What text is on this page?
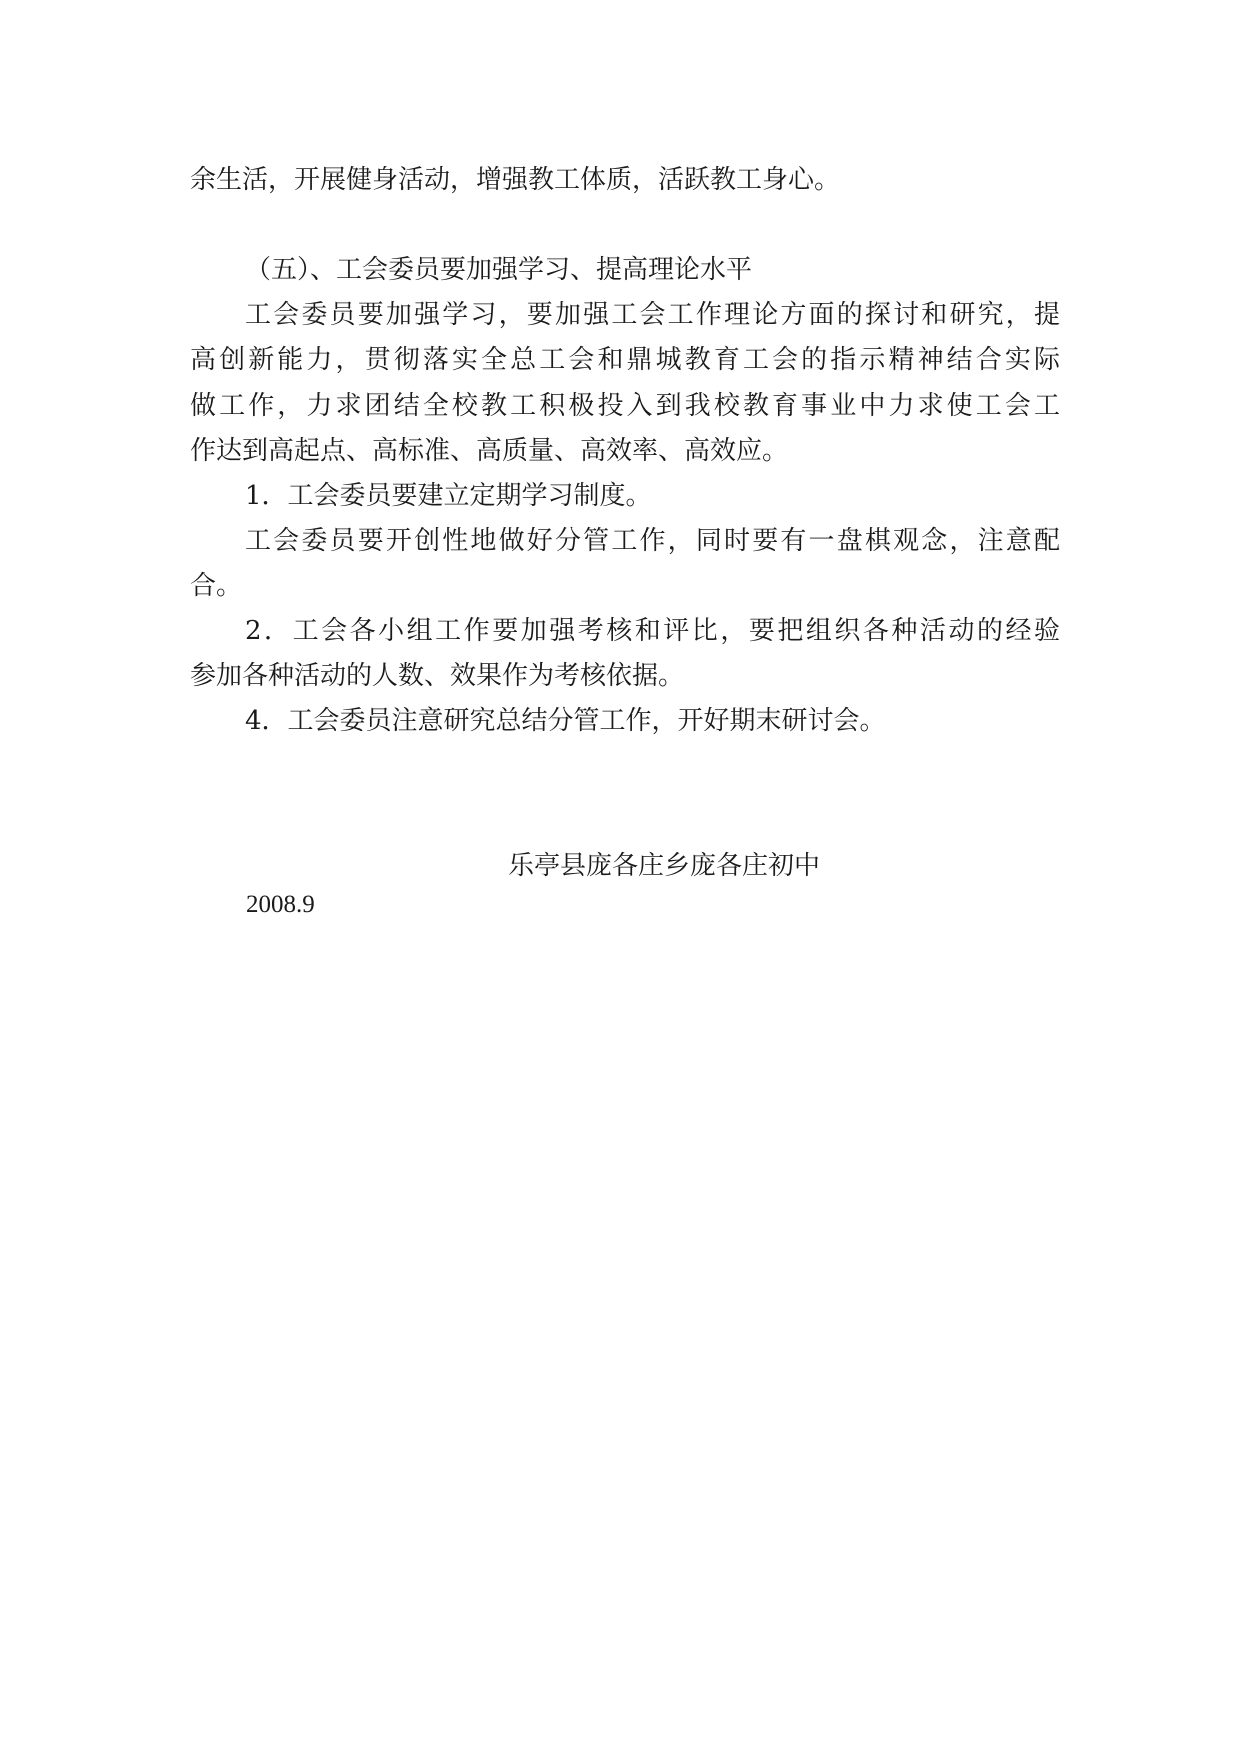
余生活，开展健身活动，增强教工体质，活跃教工身心。
（五）、工会委员要加强学习、提高理论水平
工会委员要加强学习，要加强工会工作理论方面的探讨和研究，提
高创新能力，贯彻落实全总工会和鼎城教育工会的指示精神结合实际
做工作，力求团结全校教工积极投入到我校教育事业中力求使工会工
作达到高起点、高标准、高质量、高效率、高效应。
1．工会委员要建立定期学习制度。
工会委员要开创性地做好分管工作，同时要有一盘棋观念，注意配
合。
2．工会各小组工作要加强考核和评比，要把组织各种活动的经验
参加各种活动的人数、效果作为考核依据。
4．工会委员注意研究总结分管工作，开好期末研讨会。
乐亭县庞各庄乡庞各庄初中
2008.9
